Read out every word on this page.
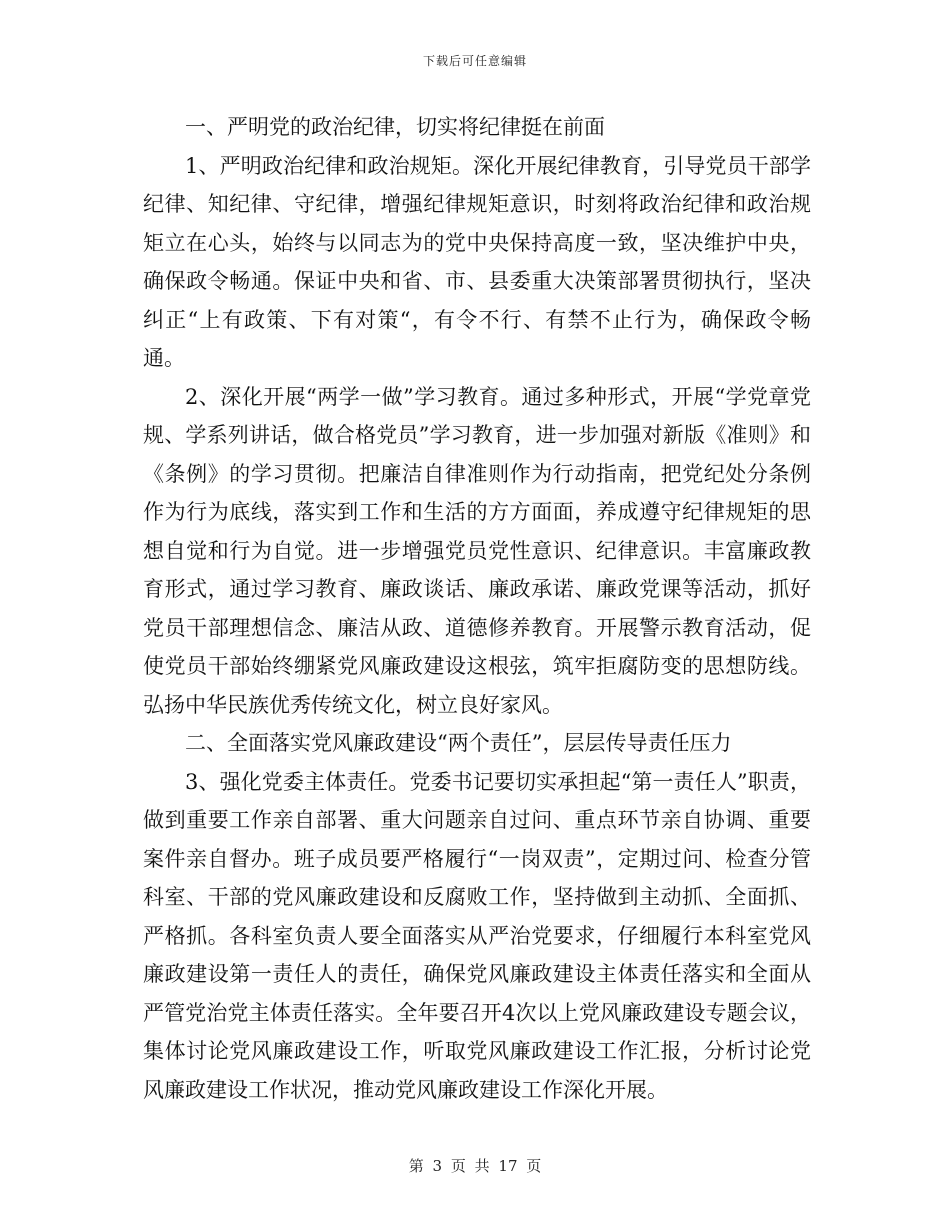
下载后可任意编辑

一、严明党的政治纪律，切实将纪律挺在前面

1、严明政治纪律和政治规矩。深化开展纪律教育，引导党员干部学纪律、知纪律、守纪律，增强纪律规矩意识，时刻将政治纪律和政治规矩立在心头，始终与以同志为的党中央保持高度一致，坚决维护中央，确保政令畅通。保证中央和省、市、县委重大决策部署贯彻执行，坚决纠正“上有政策、下有对策“，有令不行、有禁不止行为，确保政令畅通。

2、深化开展“两学一做”学习教育。通过多种形式，开展“学党章党规、学系列讲话，做合格党员”学习教育，进一步加强对新版《准则》和《条例》的学习贯彻。把廉洁自律准则作为行动指南，把党纪处分条例作为行为底线，落实到工作和生活的方方面面，养成遵守纪律规矩的思想自觉和行为自觉。进一步增强党员党性意识、纪律意识。丰富廉政教育形式，通过学习教育、廉政谈话、廉政承诺、廉政党课等活动，抓好党员干部理想信念、廉洁从政、道德修养教育。开展警示教育活动，促使党员干部始终绷紧党风廉政建设这根弦，筑牢拒腐防变的思想防线。弘扬中华民族优秀传统文化，树立良好家风。

二、全面落实党风廉政建设“两个责任”，层层传导责任压力

3、强化党委主体责任。党委书记要切实承担起“第一责任人”职责，做到重要工作亲自部署、重大问题亲自过问、重点环节亲自协调、重要案件亲自督办。班子成员要严格履行“一岗双责”，定期过问、检查分管科室、干部的党风廉政建设和反腐败工作，坚持做到主动抓、全面抓、严格抓。各科室负责人要全面落实从严治党要求，仔细履行本科室党风廉政建设第一责任人的责任，确保党风廉政建设主体责任落实和全面从严管党治党主体责任落实。全年要召开4次以上党风廉政建设专题会议，集体讨论党风廉政建设工作，听取党风廉政建设工作汇报，分析讨论党风廉政建设工作状况，推动党风廉政建设工作深化开展。

第 3 页 共 17 页
